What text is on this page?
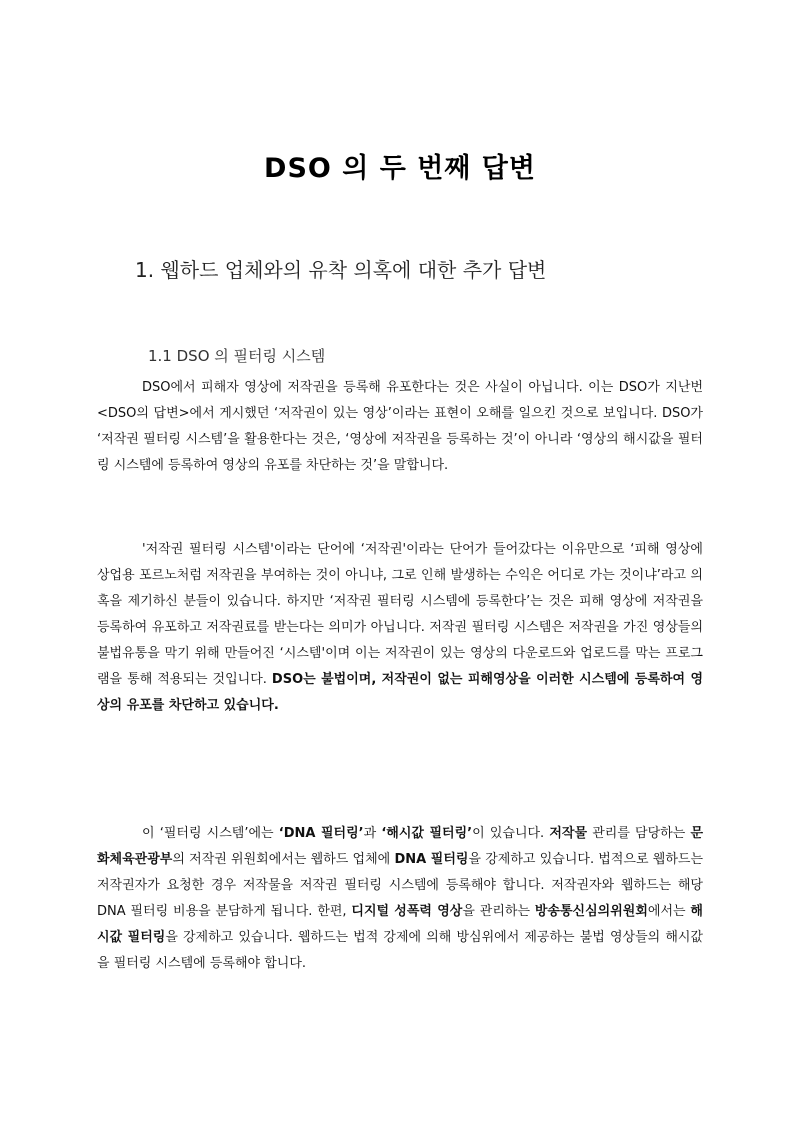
DSO 의 두 번째 답변
1. 웹하드 업체와의 유착 의혹에 대한 추가 답변
1.1 DSO 의 필터링 시스템
DSO에서 피해자 영상에 저작권을 등록해 유포한다는 것은 사실이 아닙니다. 이는 DSO가 지난번 <DSO의 답변>에서 게시했던 ‘저작권이 있는 영상’이라는 표현이 오해를 일으킨 것으로 보입니다. DSO가 ‘저작권 필터링 시스템’을 활용한다는 것은, ‘영상에 저작권을 등록하는 것’이 아니라 ‘영상의 해시값을 필터링 시스템에 등록하여 영상의 유포를 차단하는 것’을 말합니다.
'저작권 필터링 시스템'이라는 단어에 ‘저작권'이라는 단어가 들어갔다는 이유만으로 ‘피해 영상에 상업용 포르노처럼 저작권을 부여하는 것이 아니냐, 그로 인해 발생하는 수익은 어디로 가는 것이냐’라고 의혹을 제기하신 분들이 있습니다. 하지만 ‘저작권 필터링 시스템에 등록한다’는 것은 피해 영상에 저작권을 등록하여 유포하고 저작권료를 받는다는 의미가 아닙니다. 저작권 필터링 시스템은 저작권을 가진 영상들의 불법유통을 막기 위해 만들어진 ‘시스템'이며 이는 저작권이 있는 영상의 다운로드와 업로드를 막는 프로그램을 통해 적용되는 것입니다. DSO는 불법이며, 저작권이 없는 피해영상을 이러한 시스템에 등록하여 영상의 유포를 차단하고 있습니다.
이 ‘필터링 시스템’에는 ‘DNA 필터링’과 ‘해시값 필터링’이 있습니다. 저작물 관리를 담당하는 문화체육관광부의 저작권 위원회에서는 웹하드 업체에 DNA 필터링을 강제하고 있습니다. 법적으로 웹하드는 저작권자가 요청한 경우 저작물을 저작권 필터링 시스템에 등록해야 합니다. 저작권자와 웹하드는 해당 DNA 필터링 비용을 분담하게 됩니다. 한편, 디지털 성폭력 영상을 관리하는 방송통신심의위원회에서는 해시값 필터링을 강제하고 있습니다. 웹하드는 법적 강제에 의해 방심위에서 제공하는 불법 영상들의 해시값을 필터링 시스템에 등록해야 합니다.
